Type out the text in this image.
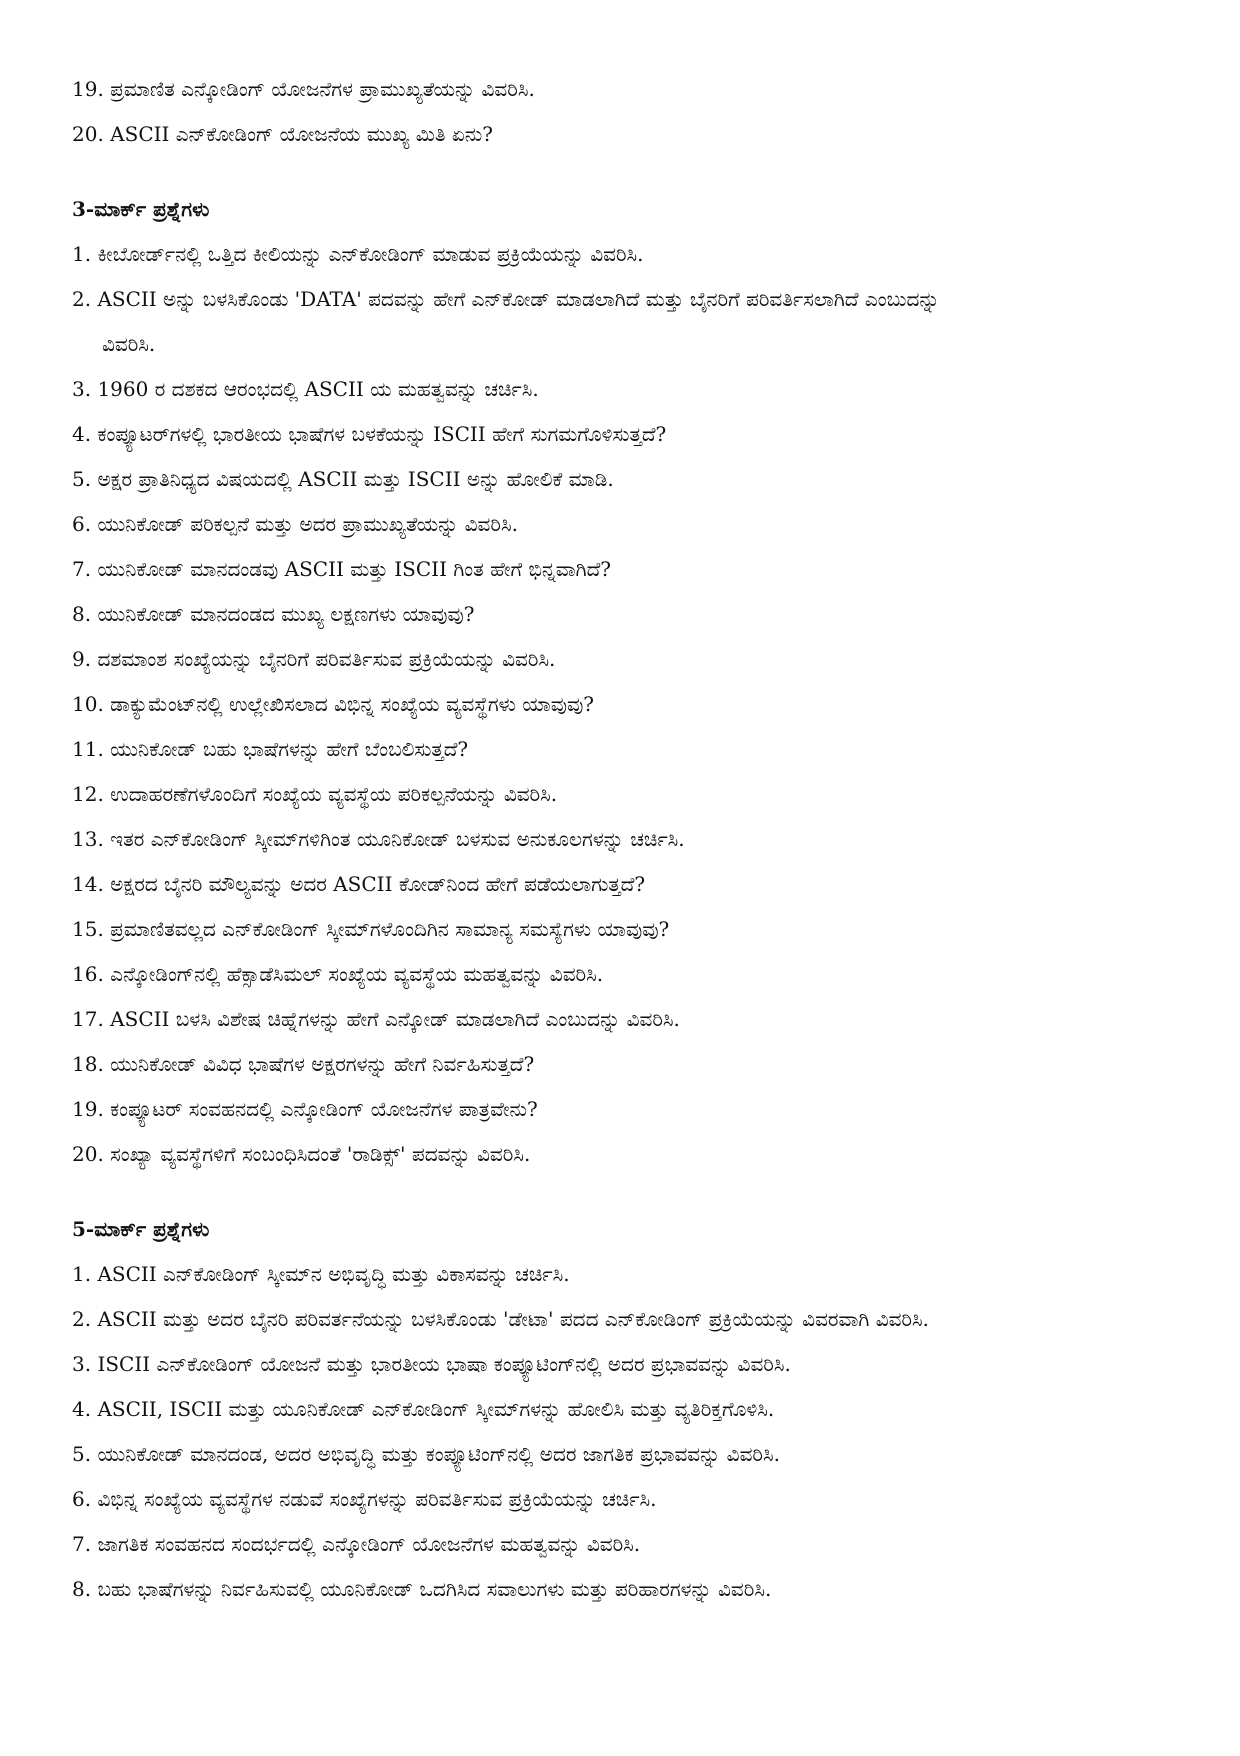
19. ಪ್ರಮಾಣಿತ ಎನ್ಕೋಡಿಂಗ್ ಯೋಜನೆಗಳ ಪ್ರಾಮುಖ್ಯತೆಯನ್ನು ವಿವರಿಸಿ.
20. ASCII ಎನ್‌ಕೋಡಿಂಗ್ ಯೋಜನೆಯ ಮುಖ್ಯ ಮಿತಿ ಏನು?
3-ಮಾರ್ಕ್ ಪ್ರಶ್ನೆಗಳು
1. ಕೀಬೋರ್ಡ್‌ನಲ್ಲಿ ಒತ್ತಿದ ಕೀಲಿಯನ್ನು ಎನ್‌ಕೋಡಿಂಗ್ ಮಾಡುವ ಪ್ರಕ್ರಿಯೆಯನ್ನು ವಿವರಿಸಿ.
2. ASCII ಅನ್ನು ಬಳಸಿಕೊಂಡು 'DATA' ಪದವನ್ನು ಹೇಗೆ ಎನ್‌ಕೋಡ್ ಮಾಡಲಾಗಿದೆ ಮತ್ತು ಬೈನರಿಗೆ ಪರಿವರ್ತಿಸಲಾಗಿದೆ ಎಂಬುದನ್ನು
ವಿವರಿಸಿ.
3. 1960 ರ ದಶಕದ ಆರಂಭದಲ್ಲಿ ASCII ಯ ಮಹತ್ವವನ್ನು ಚರ್ಚಿಸಿ.
4. ಕಂಪ್ಯೂಟರ್‌ಗಳಲ್ಲಿ ಭಾರತೀಯ ಭಾಷೆಗಳ ಬಳಕೆಯನ್ನು ISCII ಹೇಗೆ ಸುಗಮಗೊಳಿಸುತ್ತದೆ?
5. ಅಕ್ಷರ ಪ್ರಾತಿನಿಧ್ಯದ ವಿಷಯದಲ್ಲಿ ASCII ಮತ್ತು ISCII ಅನ್ನು ಹೋಲಿಕೆ ಮಾಡಿ.
6. ಯುನಿಕೋಡ್ ಪರಿಕಲ್ಪನೆ ಮತ್ತು ಅದರ ಪ್ರಾಮುಖ್ಯತೆಯನ್ನು ವಿವರಿಸಿ.
7. ಯುನಿಕೋಡ್ ಮಾನದಂಡವು ASCII ಮತ್ತು ISCII ಗಿಂತ ಹೇಗೆ ಭಿನ್ನವಾಗಿದೆ?
8. ಯುನಿಕೋಡ್ ಮಾನದಂಡದ ಮುಖ್ಯ ಲಕ್ಷಣಗಳು ಯಾವುವು?
9. ದಶಮಾಂಶ ಸಂಖ್ಯೆಯನ್ನು ಬೈನರಿಗೆ ಪರಿವರ್ತಿಸುವ ಪ್ರಕ್ರಿಯೆಯನ್ನು ವಿವರಿಸಿ.
10. ಡಾಕ್ಯುಮೆಂಟ್‌ನಲ್ಲಿ ಉಲ್ಲೇಖಿಸಲಾದ ವಿಭಿನ್ನ ಸಂಖ್ಯೆಯ ವ್ಯವಸ್ಥೆಗಳು ಯಾವುವು?
11. ಯುನಿಕೋಡ್ ಬಹು ಭಾಷೆಗಳನ್ನು ಹೇಗೆ ಬೆಂಬಲಿಸುತ್ತದೆ?
12. ಉದಾಹರಣೆಗಳೊಂದಿಗೆ ಸಂಖ್ಯೆಯ ವ್ಯವಸ್ಥೆಯ ಪರಿಕಲ್ಪನೆಯನ್ನು ವಿವರಿಸಿ.
13. ಇತರ ಎನ್‌ಕೋಡಿಂಗ್ ಸ್ಕೀಮ್‌ಗಳಿಗಿಂತ ಯೂನಿಕೋಡ್ ಬಳಸುವ ಅನುಕೂಲಗಳನ್ನು ಚರ್ಚಿಸಿ.
14. ಅಕ್ಷರದ ಬೈನರಿ ಮೌಲ್ಯವನ್ನು ಅದರ ASCII ಕೋಡ್‌ನಿಂದ ಹೇಗೆ ಪಡೆಯಲಾಗುತ್ತದೆ?
15. ಪ್ರಮಾಣಿತವಲ್ಲದ ಎನ್‌ಕೋಡಿಂಗ್ ಸ್ಕೀಮ್‌ಗಳೊಂದಿಗಿನ ಸಾಮಾನ್ಯ ಸಮಸ್ಯೆಗಳು ಯಾವುವು?
16. ಎನ್ಕೋಡಿಂಗ್‌ನಲ್ಲಿ ಹೆಕ್ಸಾಡೆಸಿಮಲ್ ಸಂಖ್ಯೆಯ ವ್ಯವಸ್ಥೆಯ ಮಹತ್ವವನ್ನು ವಿವರಿಸಿ.
17. ASCII ಬಳಸಿ ವಿಶೇಷ ಚಿಹ್ನೆಗಳನ್ನು ಹೇಗೆ ಎನ್ಕೋಡ್ ಮಾಡಲಾಗಿದೆ ಎಂಬುದನ್ನು ವಿವರಿಸಿ.
18. ಯುನಿಕೋಡ್ ವಿವಿಧ ಭಾಷೆಗಳ ಅಕ್ಷರಗಳನ್ನು ಹೇಗೆ ನಿರ್ವಹಿಸುತ್ತದೆ?
19. ಕಂಪ್ಯೂಟರ್ ಸಂವಹನದಲ್ಲಿ ಎನ್ಕೋಡಿಂಗ್ ಯೋಜನೆಗಳ ಪಾತ್ರವೇನು?
20. ಸಂಖ್ಯಾ ವ್ಯವಸ್ಥೆಗಳಿಗೆ ಸಂಬಂಧಿಸಿದಂತೆ 'ರಾಡಿಕ್ಸ್' ಪದವನ್ನು ವಿವರಿಸಿ.
5-ಮಾರ್ಕ್ ಪ್ರಶ್ನೆಗಳು
1. ASCII ಎನ್‌ಕೋಡಿಂಗ್ ಸ್ಕೀಮ್‌ನ ಅಭಿವೃದ್ಧಿ ಮತ್ತು ವಿಕಾಸವನ್ನು ಚರ್ಚಿಸಿ.
2. ASCII ಮತ್ತು ಅದರ ಬೈನರಿ ಪರಿವರ್ತನೆಯನ್ನು ಬಳಸಿಕೊಂಡು 'ಡೇಟಾ' ಪದದ ಎನ್‌ಕೋಡಿಂಗ್ ಪ್ರಕ್ರಿಯೆಯನ್ನು ವಿವರವಾಗಿ ವಿವರಿಸಿ.
3. ISCII ಎನ್‌ಕೋಡಿಂಗ್ ಯೋಜನೆ ಮತ್ತು ಭಾರತೀಯ ಭಾಷಾ ಕಂಪ್ಯೂಟಿಂಗ್‌ನಲ್ಲಿ ಅದರ ಪ್ರಭಾವವನ್ನು ವಿವರಿಸಿ.
4. ASCII, ISCII ಮತ್ತು ಯೂನಿಕೋಡ್ ಎನ್‌ಕೋಡಿಂಗ್ ಸ್ಕೀಮ್‌ಗಳನ್ನು ಹೋಲಿಸಿ ಮತ್ತು ವ್ಯತಿರಿಕ್ತಗೊಳಿಸಿ.
5. ಯುನಿಕೋಡ್ ಮಾನದಂಡ, ಅದರ ಅಭಿವೃದ್ಧಿ ಮತ್ತು ಕಂಪ್ಯೂಟಿಂಗ್‌ನಲ್ಲಿ ಅದರ ಜಾಗತಿಕ ಪ್ರಭಾವವನ್ನು ವಿವರಿಸಿ.
6. ವಿಭಿನ್ನ ಸಂಖ್ಯೆಯ ವ್ಯವಸ್ಥೆಗಳ ನಡುವೆ ಸಂಖ್ಯೆಗಳನ್ನು ಪರಿವರ್ತಿಸುವ ಪ್ರಕ್ರಿಯೆಯನ್ನು ಚರ್ಚಿಸಿ.
7. ಜಾಗತಿಕ ಸಂವಹನದ ಸಂದರ್ಭದಲ್ಲಿ ಎನ್ಕೋಡಿಂಗ್ ಯೋಜನೆಗಳ ಮಹತ್ವವನ್ನು ವಿವರಿಸಿ.
8. ಬಹು ಭಾಷೆಗಳನ್ನು ನಿರ್ವಹಿಸುವಲ್ಲಿ ಯೂನಿಕೋಡ್ ಒದಗಿಸಿದ ಸವಾಲುಗಳು ಮತ್ತು ಪರಿಹಾರಗಳನ್ನು ವಿವರಿಸಿ.
